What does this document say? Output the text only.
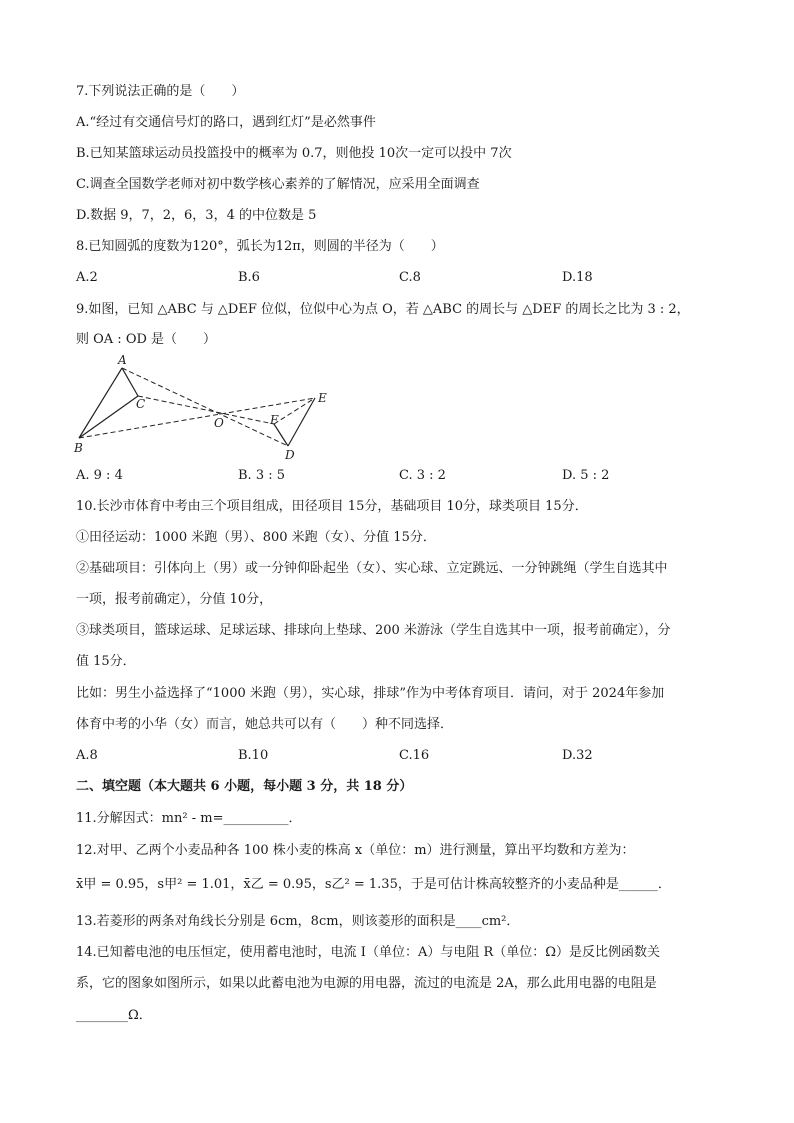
7.下列说法正确的是（　　）
A.“经过有交通信号灯的路口，遇到红灯”是必然事件
B.已知某篮球运动员投篮投中的概率为 0.7，则他投 10次一定可以投中 7次
C.调查全国数学老师对初中数学核心素养的了解情况，应采用全面调查
D.数据 9，7，2，6，3，4 的中位数是 5
8.已知圆弧的度数为120°，弧长为12π，则圆的半径为（　　）
A.2	B.6	C.8	D.18
9.如图，已知 △ABC 与 △DEF 位似，位似中心为点 O，若 △ABC 的周长与 △DEF 的周长之比为 3 : 2，
则 OA : OD 是（　　）
A
B
C
O	F
E
D
A. 9 : 4	B. 3 : 5	C. 3 : 2	D. 5 : 2
10.长沙市体育中考由三个项目组成，田径项目 15分，基础项目 10分，球类项目 15分．
①田径运动：1000 米跑（男）、800 米跑（女）、分值 15分．
②基础项目：引体向上（男）或一分钟仰卧起坐（女）、实心球、立定跳远、一分钟跳绳（学生自选其中
一项，报考前确定），分值 10分，
③球类项目，篮球运球、足球运球、排球向上垫球、200 米游泳（学生自选其中一项，报考前确定），分
值 15分．
比如：男生小益选择了“1000 米跑（男），实心球，排球”作为中考体育项目．请问，对于 2024年参加
体育中考的小华（女）而言，她总共可以有（　　）种不同选择．
A.8	B.10	C.16	D.32
二、填空题（本大题共 6 小题，每小题 3 分，共 18 分）
11.分解因式：mn² - m=__________．
12.对甲、乙两个小麦品种各 100 株小麦的株高 x（单位：m）进行测量，算出平均数和方差为：
x̄甲 = 0.95，s甲² = 1.01，x̄乙 = 0.95，s乙² = 1.35，于是可估计株高较整齐的小麦品种是______．
13.若菱形的两条对角线长分别是 6cm，8cm，则该菱形的面积是____cm²．
14.已知蓄电池的电压恒定，使用蓄电池时，电流 I（单位：A）与电阻 R（单位：Ω）是反比例函数关
系，它的图象如图所示，如果以此蓄电池为电源的用电器，流过的电流是 2A，那么此用电器的电阻是
________Ω．
